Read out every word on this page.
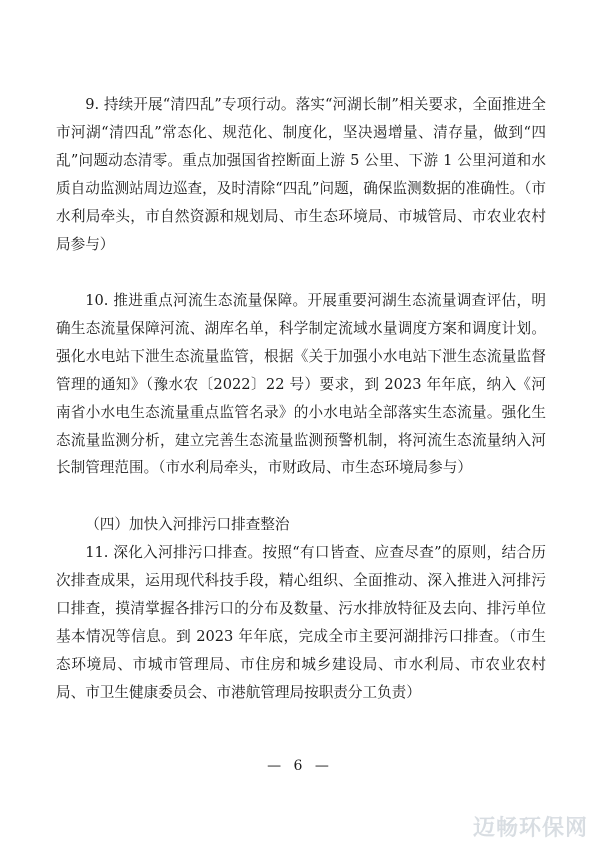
9. 持续开展“清四乱”专项行动。落实“河湖长制”相关要求，全面推进全市河湖“清四乱”常态化、规范化、制度化，坚决遏增量、清存量，做到“四乱”问题动态清零。重点加强国省控断面上游 5 公里、下游 1 公里河道和水质自动监测站周边巡查，及时清除“四乱”问题，确保监测数据的准确性。（市水利局牵头，市自然资源和规划局、市生态环境局、市城管局、市农业农村局参与）

10. 推进重点河流生态流量保障。开展重要河湖生态流量调查评估，明确生态流量保障河流、湖库名单，科学制定流域水量调度方案和调度计划。强化水电站下泄生态流量监管，根据《关于加强小水电站下泄生态流量监督管理的通知》（豫水农〔2022〕22 号）要求，到 2023 年年底，纳入《河南省小水电生态流量重点监管名录》的小水电站全部落实生态流量。强化生态流量监测分析，建立完善生态流量监测预警机制，将河流生态流量纳入河长制管理范围。（市水利局牵头，市财政局、市生态环境局参与）

（四）加快入河排污口排查整治

11. 深化入河排污口排查。按照“有口皆查、应查尽查”的原则，结合历次排查成果，运用现代科技手段，精心组织、全面推动、深入推进入河排污口排查，摸清掌握各排污口的分布及数量、污水排放特征及去向、排污单位基本情况等信息。到 2023 年年底，完成全市主要河湖排污口排查。（市生态环境局、市城市管理局、市住房和城乡建设局、市水利局、市农业农村局、市卫生健康委员会、市港航管理局按职责分工负责）

— 6 —
迈畅环保网
